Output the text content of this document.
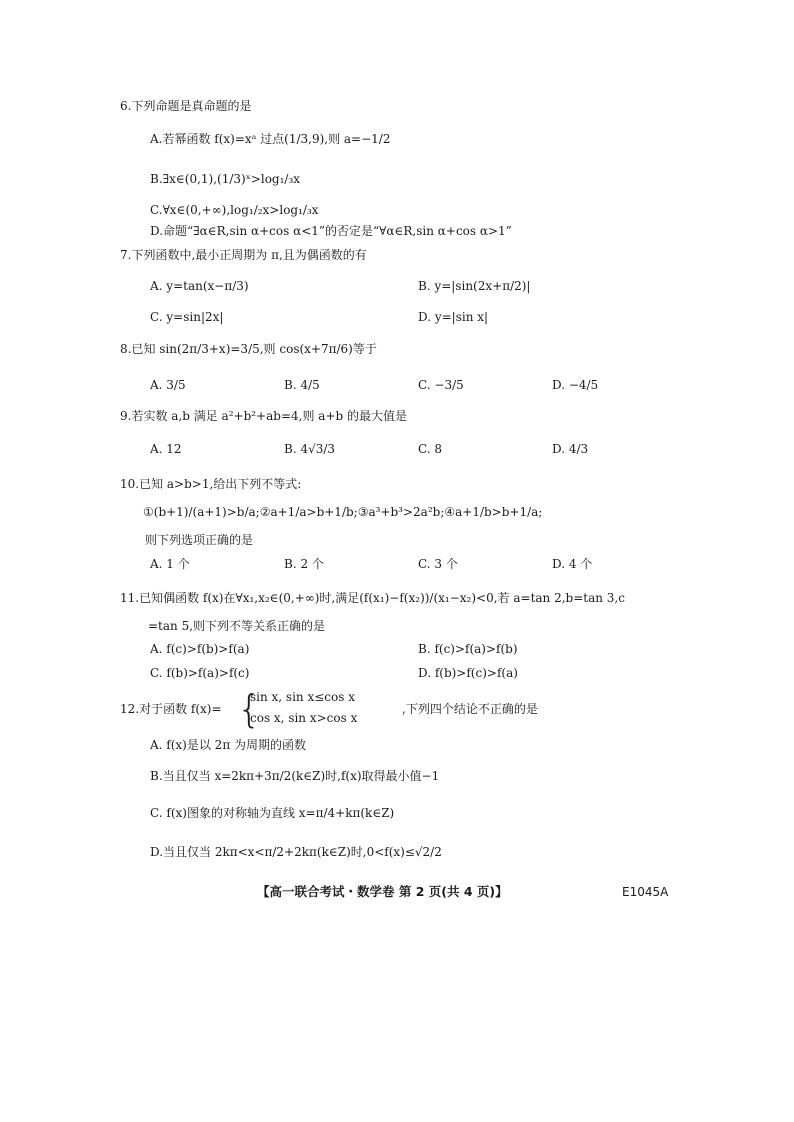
6.下列命题是真命题的是
A.若幂函数 f(x)=xᵃ 过点(1/3,9),则 a=−1/2
B.∃x∈(0,1),(1/3)ˣ>log₁/₃x
C.∀x∈(0,+∞),log₁/₂x>log₁/₃x
D.命题“∃α∈R,sin α+cos α<1”的否定是“∀α∈R,sin α+cos α>1”
7.下列函数中,最小正周期为 π,且为偶函数的有
A. y=tan(x−π/3)	B. y=|sin(2x+π/2)|
C. y=sin|2x|	D. y=|sin x|
8.已知 sin(2π/3+x)=3/5,则 cos(x+7π/6)等于
A. 3/5	B. 4/5	C. −3/5	D. −4/5
9.若实数 a,b 满足 a²+b²+ab=4,则 a+b 的最大值是
A. 12	B. 4√3/3	C. 8	D. 4/3
10.已知 a>b>1,给出下列不等式:
①(b+1)/(a+1)>b/a;②a+1/a>b+1/b;③a³+b³>2a²b;④a+1/b>b+1/a;
则下列选项正确的是
A. 1 个	B. 2 个	C. 3 个	D. 4 个
11.已知偶函数 f(x)在∀x₁,x₂∈(0,+∞)时,满足(f(x₁)−f(x₂))/(x₁−x₂)<0,若 a=tan 2,b=tan 3,c
=tan 5,则下列不等关系正确的是
A. f(c)>f(b)>f(a)	B. f(c)>f(a)>f(b)
C. f(b)>f(a)>f(c)	D. f(b)>f(c)>f(a)
12.对于函数 f(x)= {
sin x, sin x≤cos x
cos x, sin x>cos x
,下列四个结论不正确的是
A. f(x)是以 2π 为周期的函数
B.当且仅当 x=2kπ+3π/2(k∈Z)时,f(x)取得最小值−1
C. f(x)图象的对称轴为直线 x=π/4+kπ(k∈Z)
D.当且仅当 2kπ<x<π/2+2kπ(k∈Z)时,0<f(x)≤√2/2
【高一联合考试・数学卷 第 2 页(共 4 页)】	E1045A
